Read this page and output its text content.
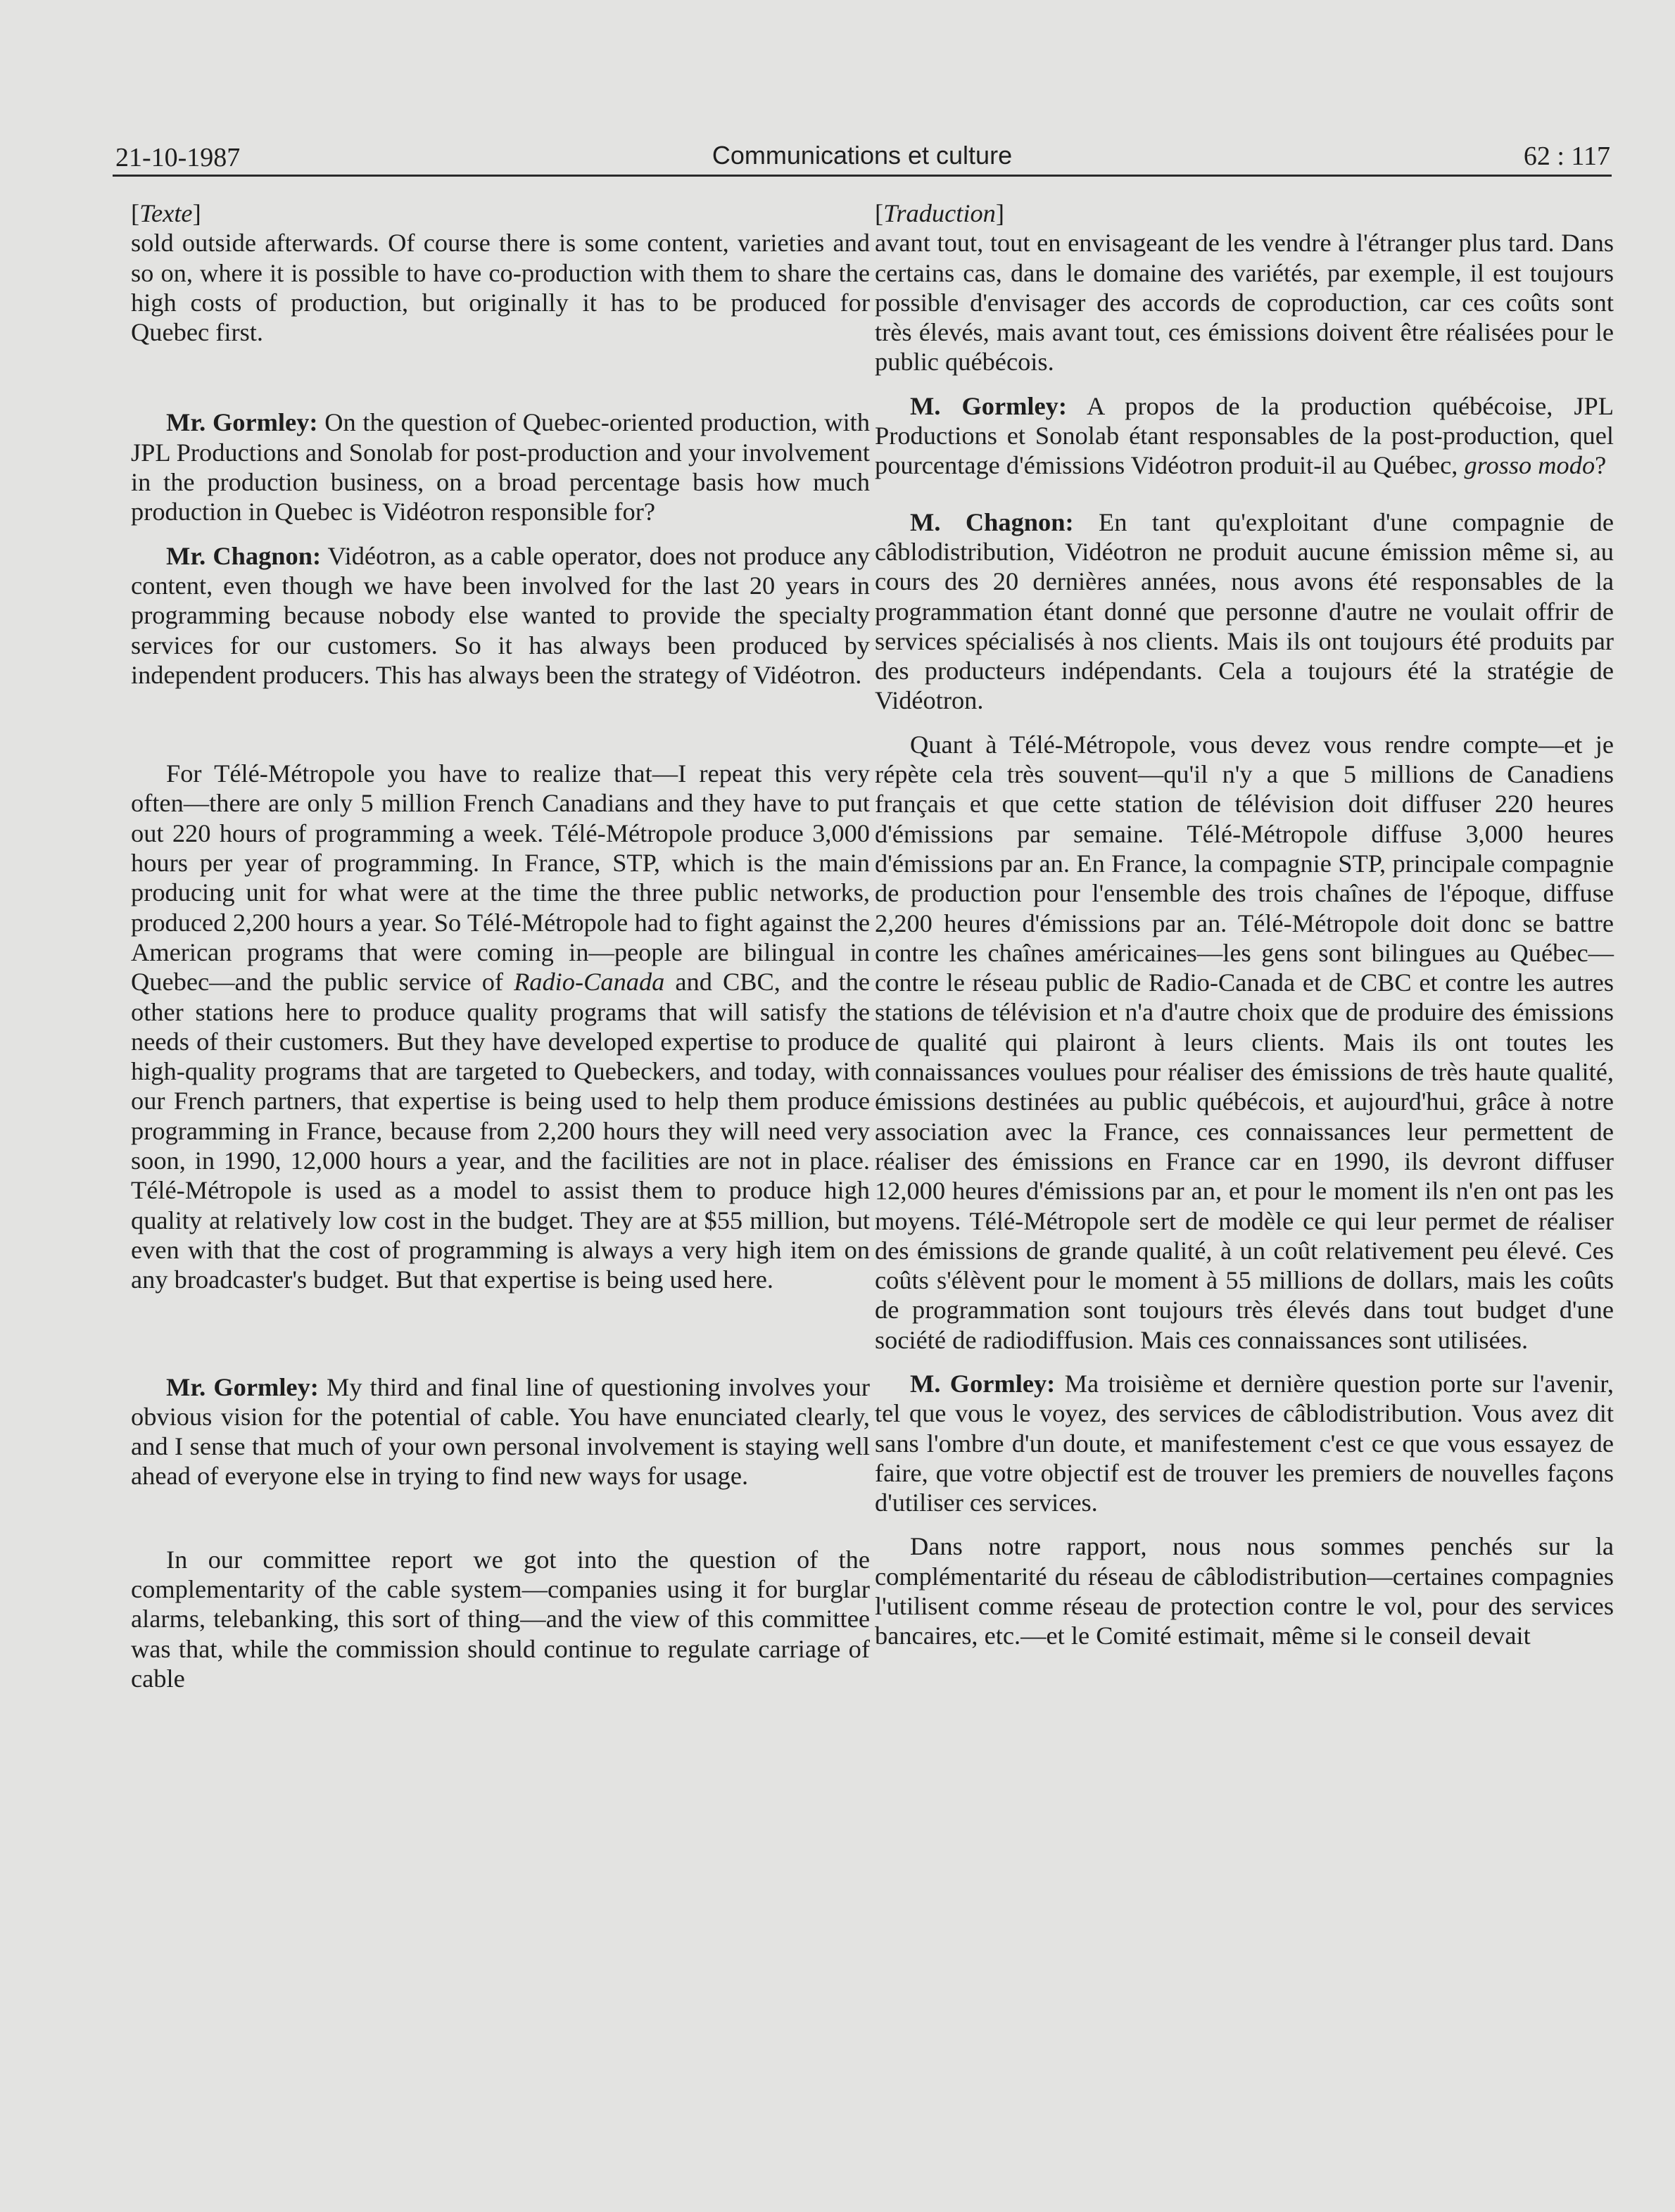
21-10-1987	Communications et culture	62 : 117

[Texte]

sold outside afterwards. Of course there is some content, varieties and so on, where it is possible to have co-production with them to share the high costs of production, but originally it has to be produced for Quebec first.

Mr. Gormley: On the question of Quebec-oriented production, with JPL Productions and Sonolab for post-production and your involvement in the production business, on a broad percentage basis how much production in Quebec is Vidéotron responsible for?

Mr. Chagnon: Vidéotron, as a cable operator, does not produce any content, even though we have been involved for the last 20 years in programming because nobody else wanted to provide the specialty services for our customers. So it has always been produced by independent producers. This has always been the strategy of Vidéotron.

For Télé-Métropole you have to realize that—I repeat this very often—there are only 5 million French Canadians and they have to put out 220 hours of programming a week. Télé-Métropole produce 3,000 hours per year of programming. In France, STP, which is the main producing unit for what were at the time the three public networks, produced 2,200 hours a year. So Télé-Métropole had to fight against the American programs that were coming in—people are bilingual in Quebec—and the public service of Radio-Canada and CBC, and the other stations here to produce quality programs that will satisfy the needs of their customers. But they have developed expertise to produce high-quality programs that are targeted to Quebeckers, and today, with our French partners, that expertise is being used to help them produce programming in France, because from 2,200 hours they will need very soon, in 1990, 12,000 hours a year, and the facilities are not in place. Télé-Métropole is used as a model to assist them to produce high quality at relatively low cost in the budget. They are at $55 million, but even with that the cost of programming is always a very high item on any broadcaster's budget. But that expertise is being used here.

Mr. Gormley: My third and final line of questioning involves your obvious vision for the potential of cable. You have enunciated clearly, and I sense that much of your own personal involvement is staying well ahead of everyone else in trying to find new ways for usage.

In our committee report we got into the question of the complementarity of the cable system—companies using it for burglar alarms, telebanking, this sort of thing—and the view of this committee was that, while the commission should continue to regulate carriage of cable

[Traduction]

avant tout, tout en envisageant de les vendre à l'étranger plus tard. Dans certains cas, dans le domaine des variétés, par exemple, il est toujours possible d'envisager des accords de coproduction, car ces coûts sont très élevés, mais avant tout, ces émissions doivent être réalisées pour le public québécois.

M. Gormley: A propos de la production québécoise, JPL Productions et Sonolab étant responsables de la post-production, quel pourcentage d'émissions Vidéotron produit-il au Québec, grosso modo?

M. Chagnon: En tant qu'exploitant d'une compagnie de câblodistribution, Vidéotron ne produit aucune émission même si, au cours des 20 dernières années, nous avons été responsables de la programmation étant donné que personne d'autre ne voulait offrir de services spécialisés à nos clients. Mais ils ont toujours été produits par des producteurs indépendants. Cela a toujours été la stratégie de Vidéotron.

Quant à Télé-Métropole, vous devez vous rendre compte—et je répète cela très souvent—qu'il n'y a que 5 millions de Canadiens français et que cette station de télévision doit diffuser 220 heures d'émissions par semaine. Télé-Métropole diffuse 3,000 heures d'émissions par an. En France, la compagnie STP, principale compagnie de production pour l'ensemble des trois chaînes de l'époque, diffuse 2,200 heures d'émissions par an. Télé-Métropole doit donc se battre contre les chaînes américaines—les gens sont bilingues au Québec—contre le réseau public de Radio-Canada et de CBC et contre les autres stations de télévision et n'a d'autre choix que de produire des émissions de qualité qui plairont à leurs clients. Mais ils ont toutes les connaissances voulues pour réaliser des émissions de très haute qualité, émissions destinées au public québécois, et aujourd'hui, grâce à notre association avec la France, ces connaissances leur permettent de réaliser des émissions en France car en 1990, ils devront diffuser 12,000 heures d'émissions par an, et pour le moment ils n'en ont pas les moyens. Télé-Métropole sert de modèle ce qui leur permet de réaliser des émissions de grande qualité, à un coût relativement peu élevé. Ces coûts s'élèvent pour le moment à 55 millions de dollars, mais les coûts de programmation sont toujours très élevés dans tout budget d'une société de radiodiffusion. Mais ces connaissances sont utilisées.

M. Gormley: Ma troisième et dernière question porte sur l'avenir, tel que vous le voyez, des services de câblodistribution. Vous avez dit sans l'ombre d'un doute, et manifestement c'est ce que vous essayez de faire, que votre objectif est de trouver les premiers de nouvelles façons d'utiliser ces services.

Dans notre rapport, nous nous sommes penchés sur la complémentarité du réseau de câblodistribution—certaines compagnies l'utilisent comme réseau de protection contre le vol, pour des services bancaires, etc.—et le Comité estimait, même si le conseil devait
